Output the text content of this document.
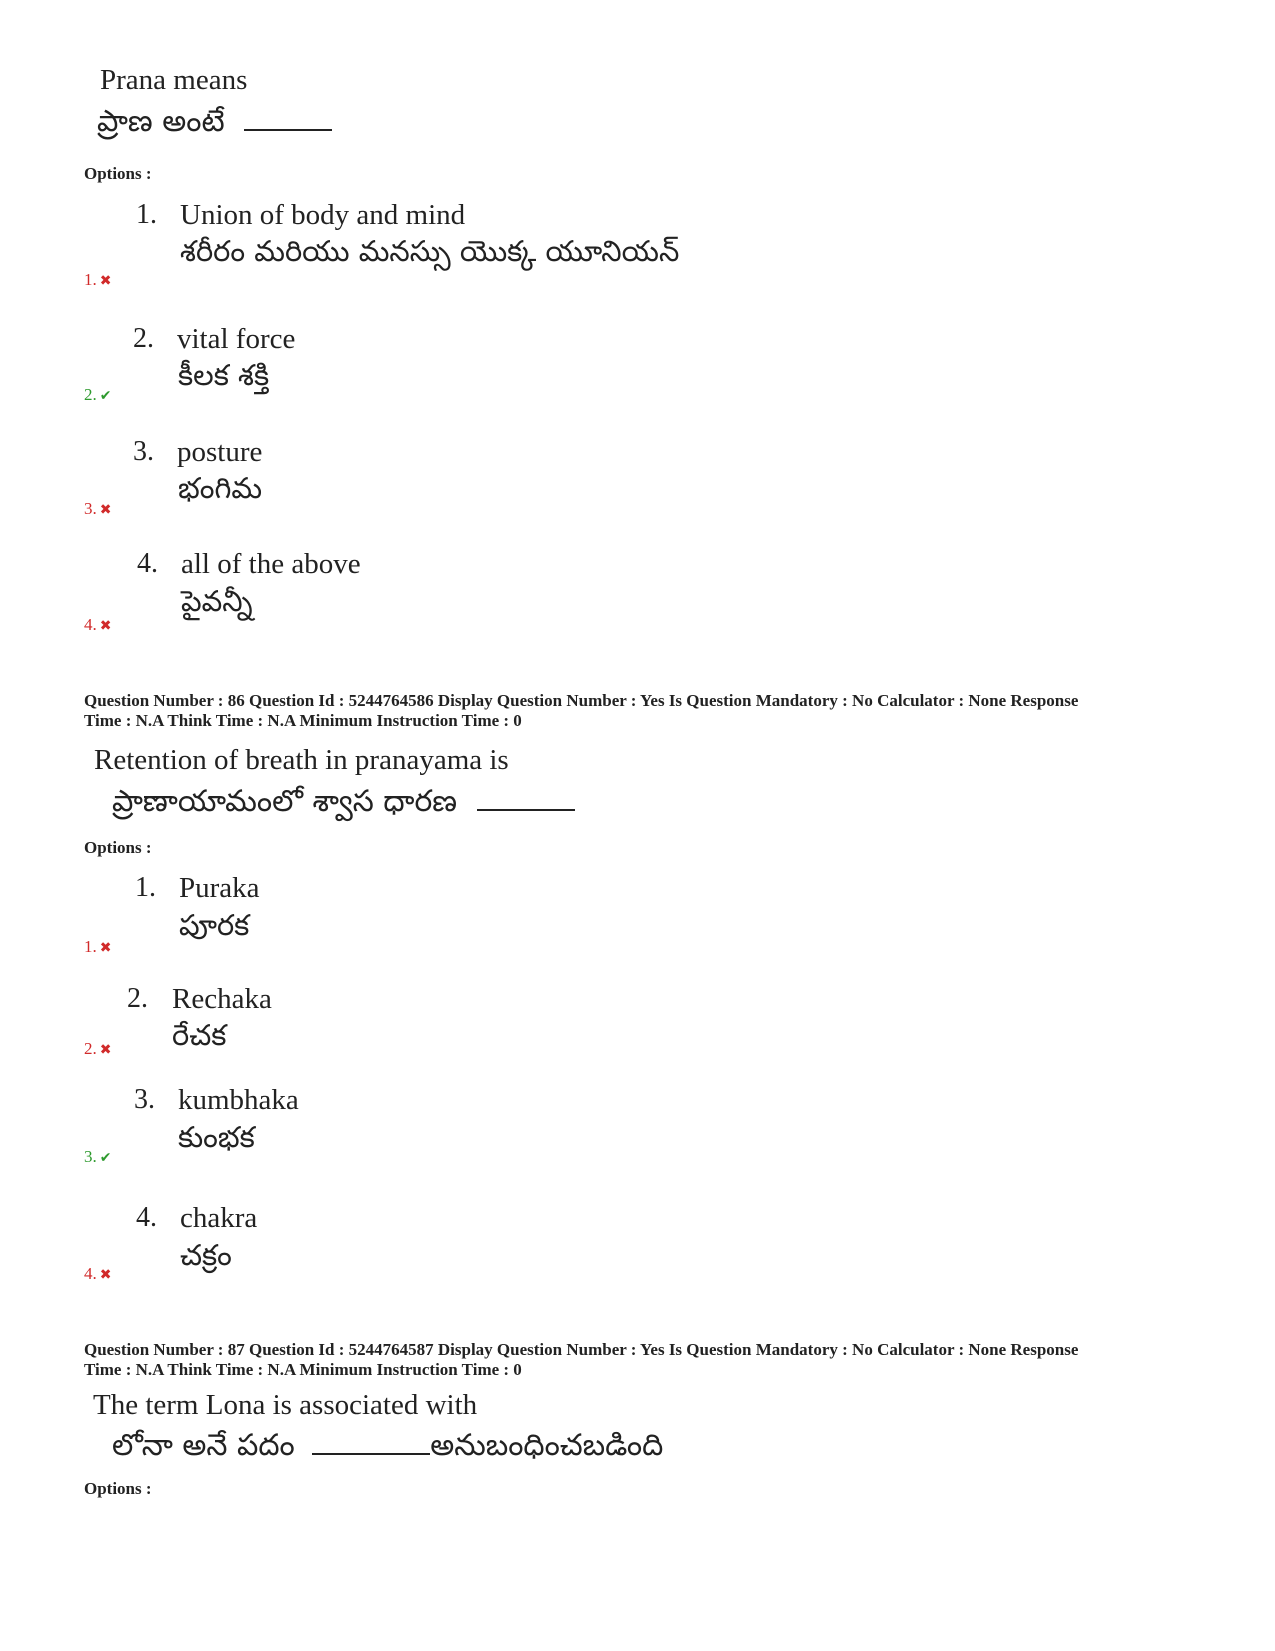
Prana means
ప్రాణ అంటే
Options :
1. Union of body and mind
శరీరం మరియు మనస్సు యొక్క యూనియన్
1. ✖
2. vital force
కీలక శక్తి
2. ✔
3. posture
భంగిమ
3. ✖
4. all of the above
పైవన్నీ
4. ✖
Question Number : 86 Question Id : 5244764586 Display Question Number : Yes Is Question Mandatory : No Calculator : None Response
Time : N.A Think Time : N.A Minimum Instruction Time : 0
Retention of breath in pranayama is
ప్రాణాయామంలో శ్వాస ధారణ
Options :
1. Puraka
పూరక
1. ✖
2. Rechaka
రేచక
2. ✖
3. kumbhaka
కుంభక
3. ✔
4. chakra
చక్రం
4. ✖
Question Number : 87 Question Id : 5244764587 Display Question Number : Yes Is Question Mandatory : No Calculator : None Response
Time : N.A Think Time : N.A Minimum Instruction Time : 0
The term Lona is associated with
లోనా అనే పదం	అనుబంధించబడింది
Options :
